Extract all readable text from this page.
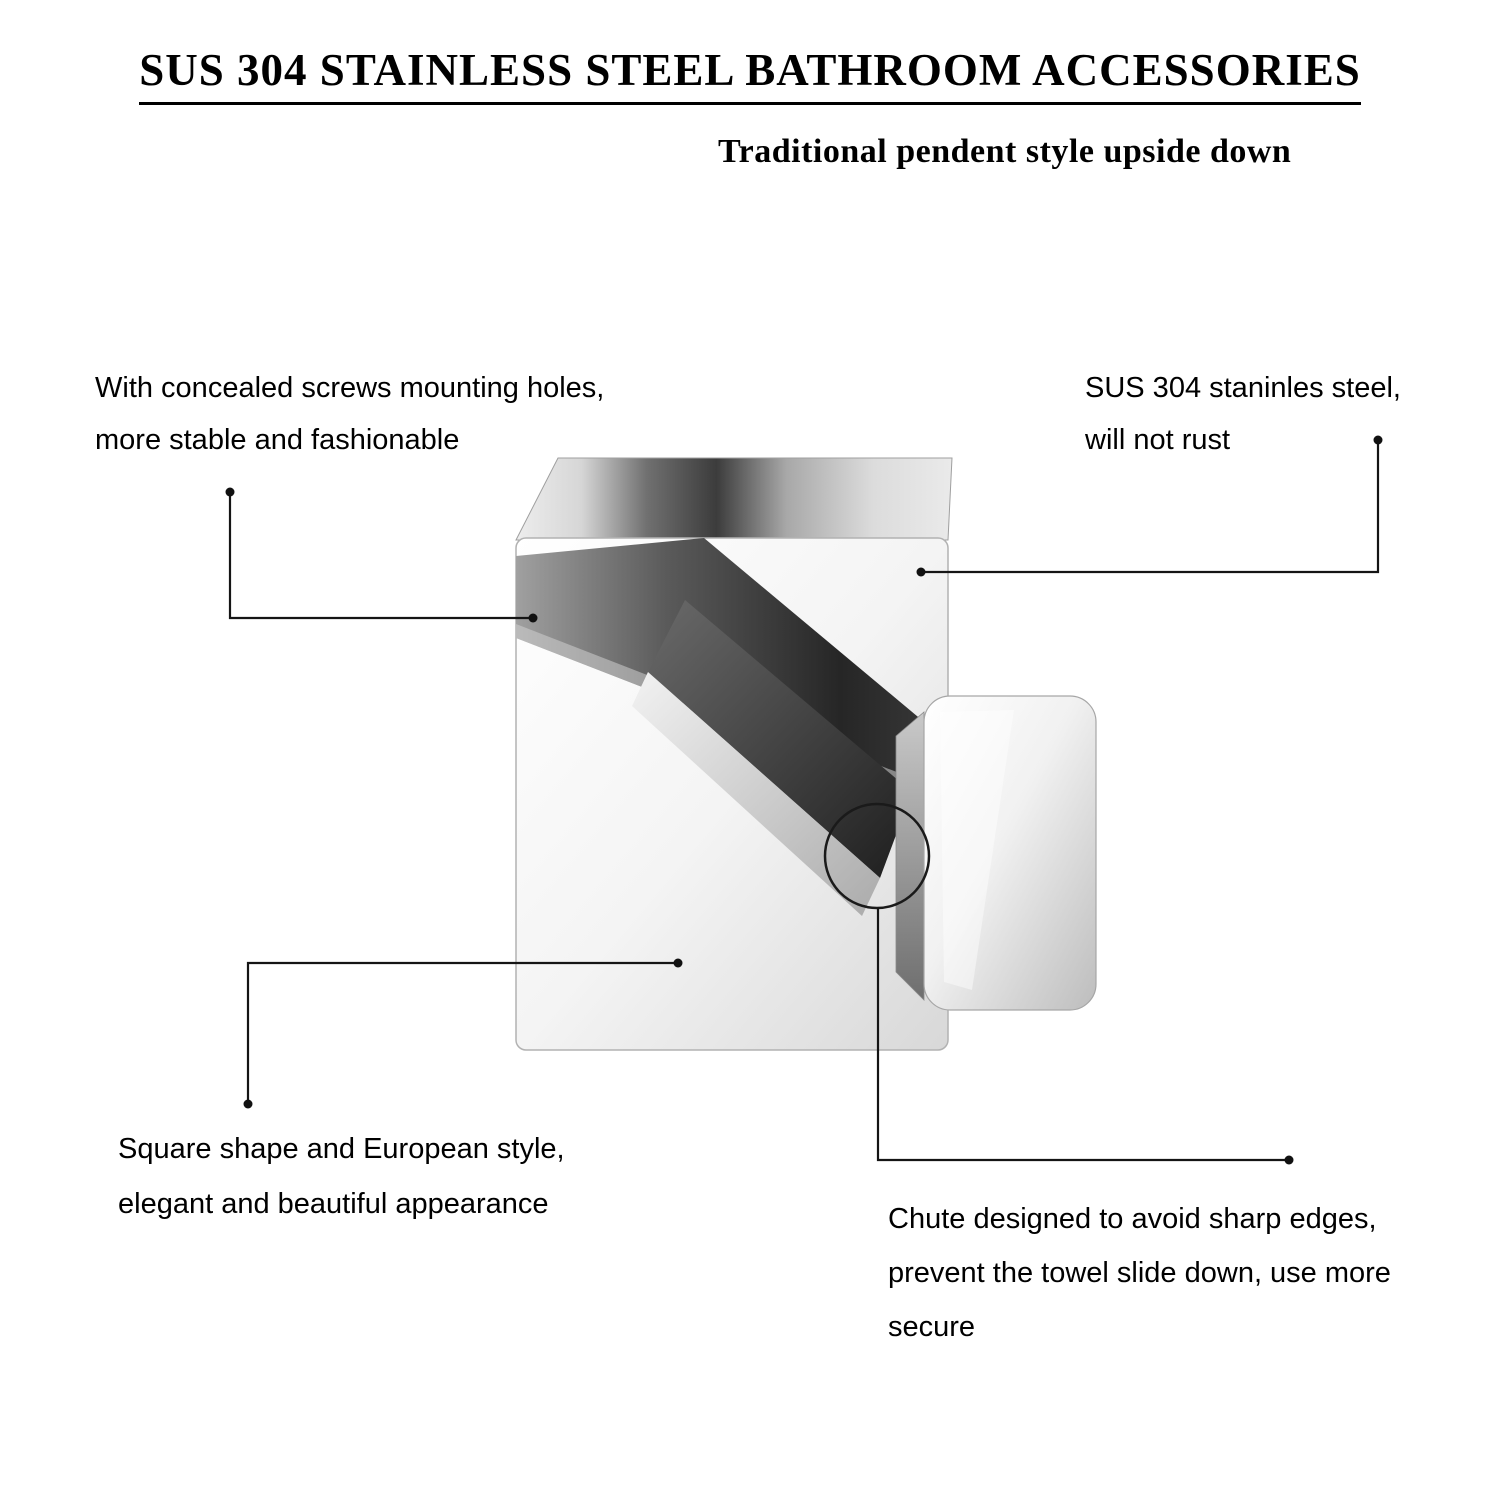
SUS 304 STAINLESS STEEL BATHROOM ACCESSORIES
Traditional pendent style upside down

With concealed screws mounting holes,

more stable and fashionable

SUS 304 staninles steel,

will not rust

Square shape and European style,

elegant and beautiful appearance	Chute designed to avoid sharp edges,

prevent the towel slide down, use more

secure
